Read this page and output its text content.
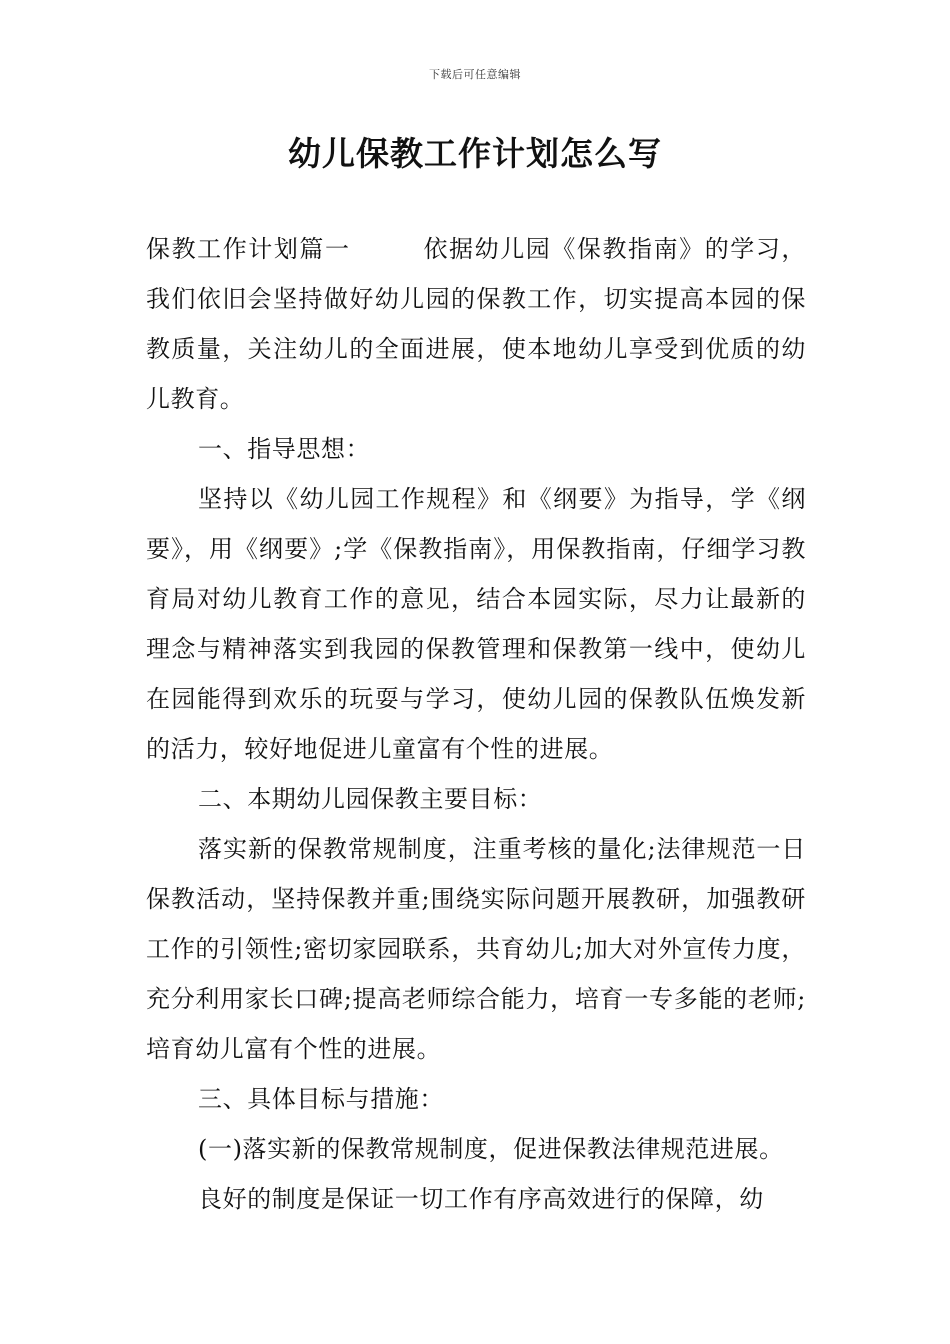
下载后可任意编辑
幼儿保教工作计划怎么写

保教工作计划篇一	依据幼儿园《保教指南》的学习，我们依旧会坚持做好幼儿园的保教工作，切实提高本园的保教质量，关注幼儿的全面进展，使本地幼儿享受到优质的幼儿教育。

一、指导思想：

坚持以《幼儿园工作规程》和《纲要》为指导，学《纲要》，用《纲要》;学《保教指南》，用保教指南，仔细学习教育局对幼儿教育工作的意见，结合本园实际，尽力让最新的理念与精神落实到我园的保教管理和保教第一线中，使幼儿在园能得到欢乐的玩耍与学习，使幼儿园的保教队伍焕发新的活力，较好地促进儿童富有个性的进展。

二、本期幼儿园保教主要目标：

落实新的保教常规制度，注重考核的量化;法律规范一日保教活动，坚持保教并重;围绕实际问题开展教研，加强教研工作的引领性;密切家园联系，共育幼儿;加大对外宣传力度，充分利用家长口碑;提高老师综合能力，培育一专多能的老师;培育幼儿富有个性的进展。

三、具体目标与措施：

(一)落实新的保教常规制度，促进保教法律规范进展。

良好的制度是保证一切工作有序高效进行的保障，幼
